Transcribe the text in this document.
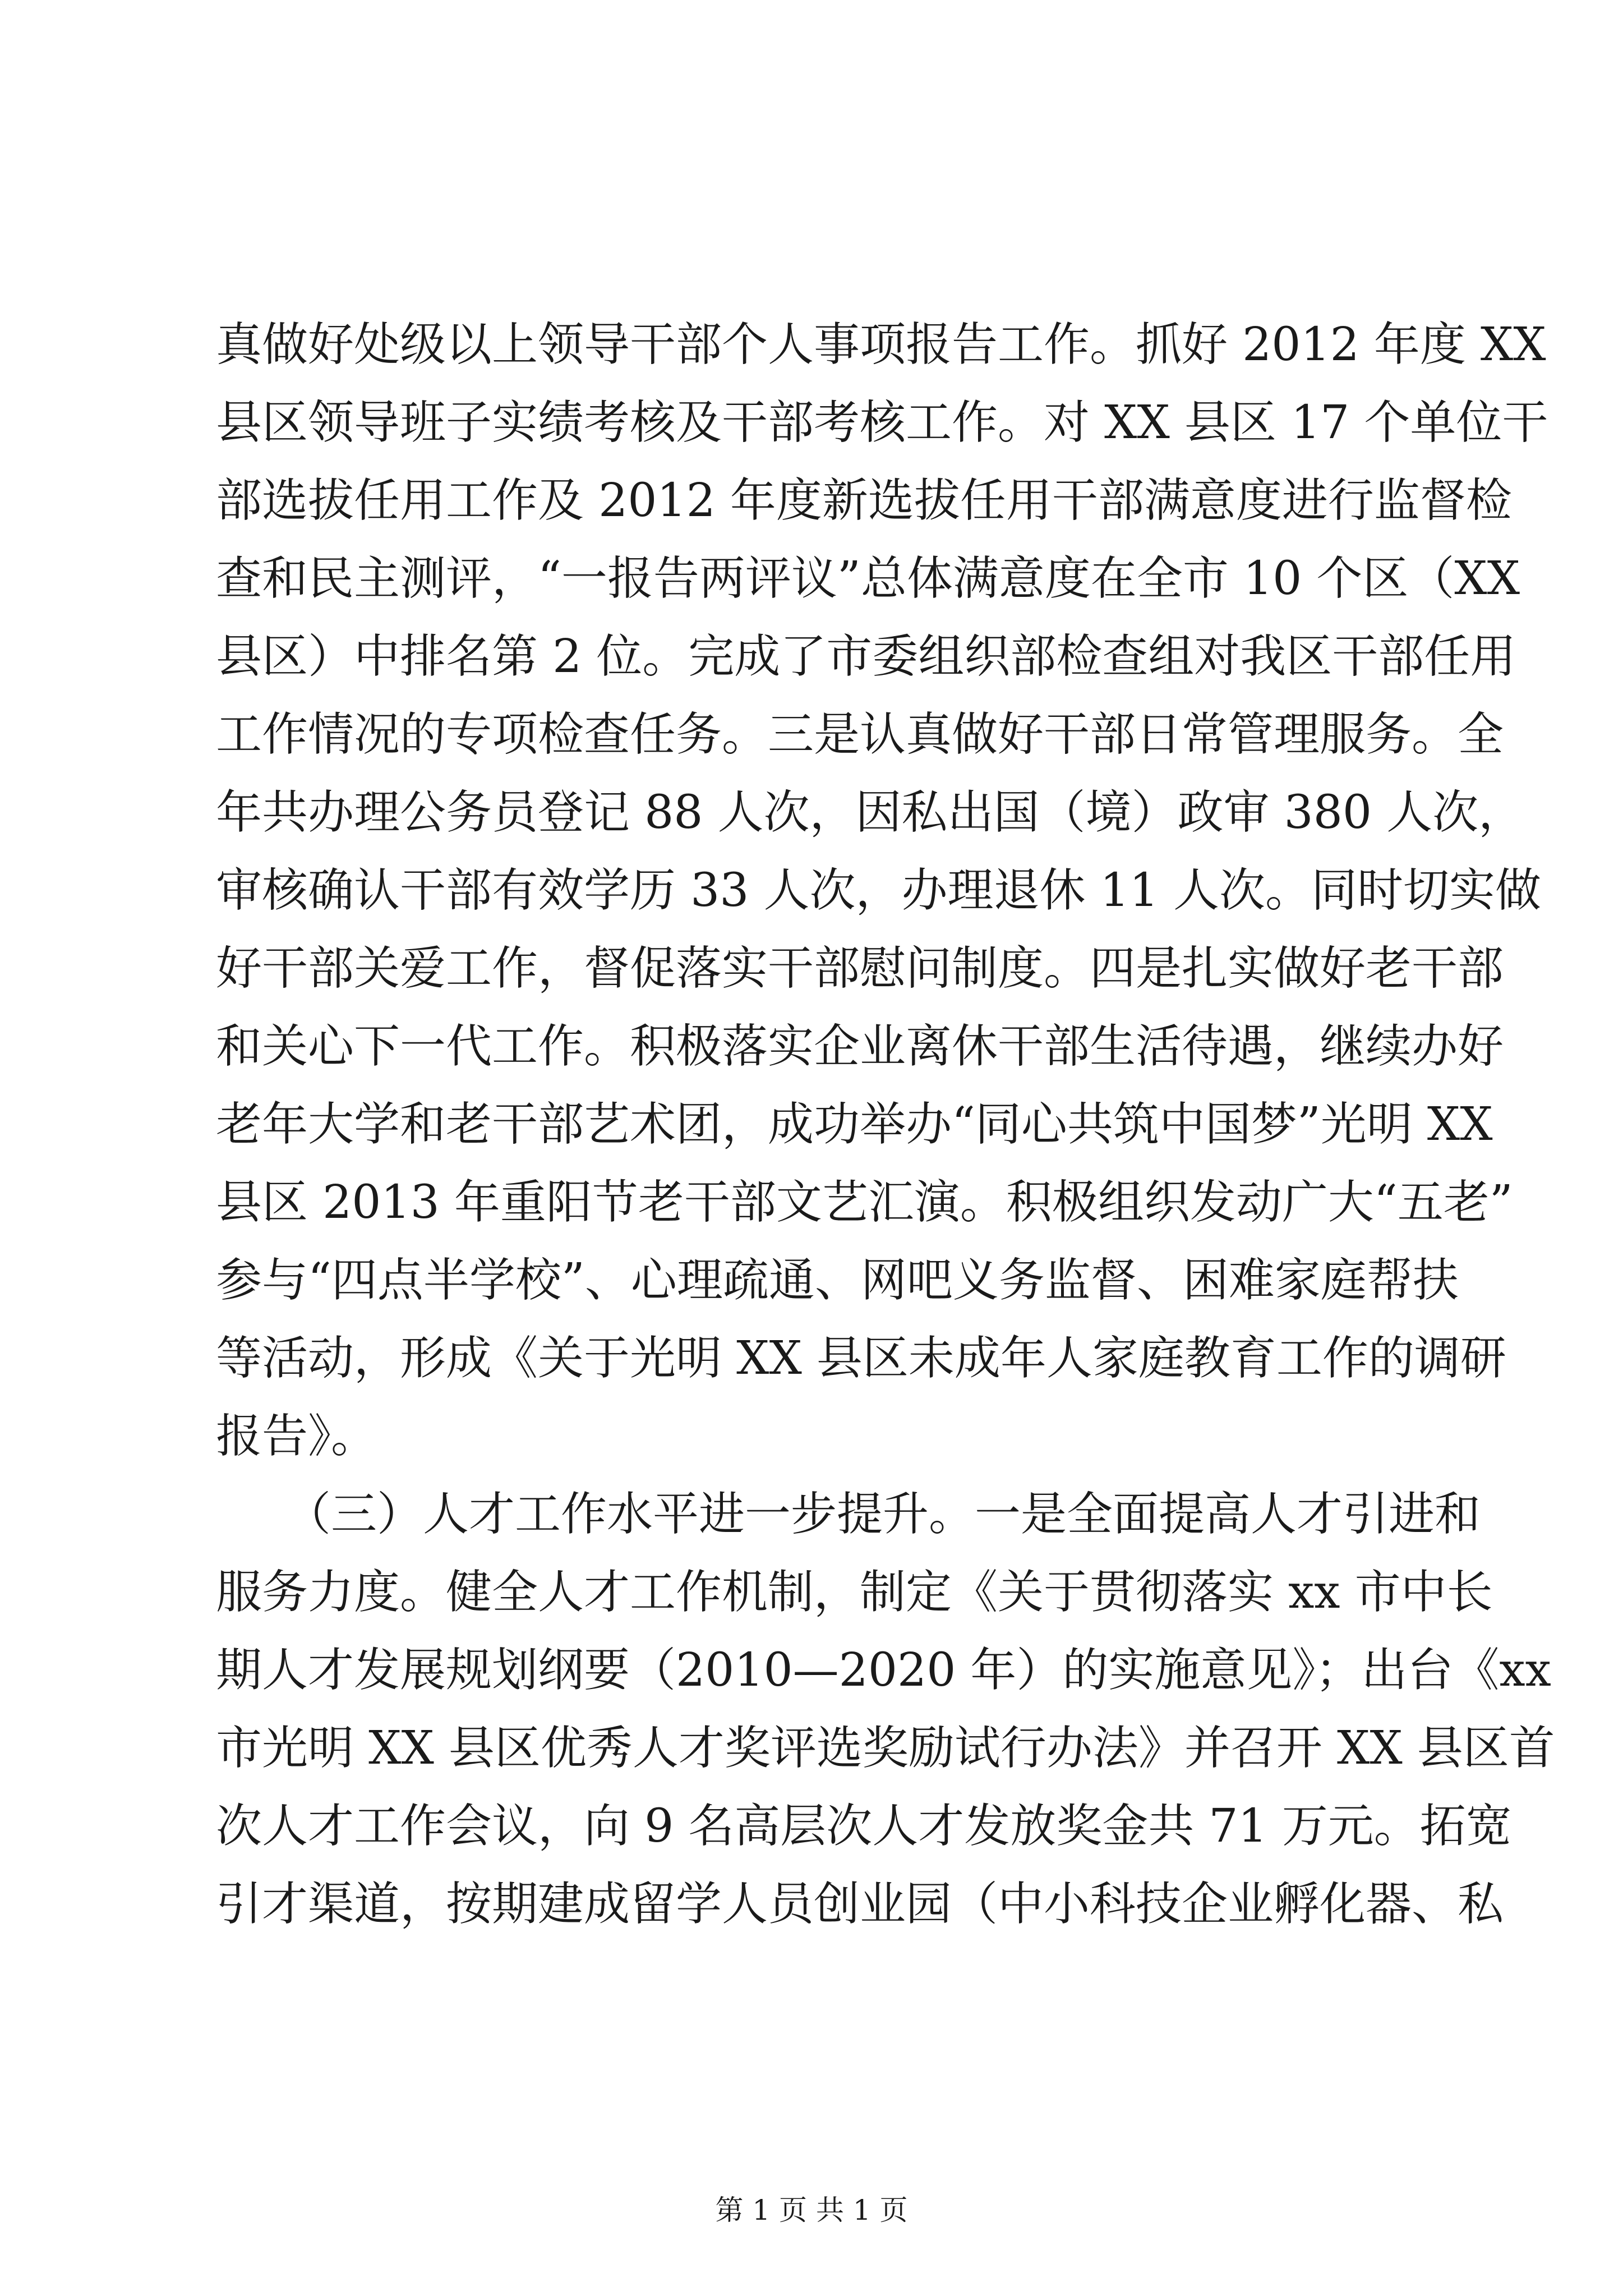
真做好处级以上领导干部个人事项报告工作。抓好 2012 年度 XX
县区领导班子实绩考核及干部考核工作。对 XX 县区 17 个单位干
部选拔任用工作及 2012 年度新选拔任用干部满意度进行监督检
查和民主测评，“一报告两评议”总体满意度在全市 10 个区（XX
县区）中排名第 2 位。完成了市委组织部检查组对我区干部任用
工作情况的专项检查任务。三是认真做好干部日常管理服务。全
年共办理公务员登记 88 人次，因私出国（境）政审 380 人次，
审核确认干部有效学历 33 人次，办理退休 11 人次。同时切实做
好干部关爱工作，督促落实干部慰问制度。四是扎实做好老干部
和关心下一代工作。积极落实企业离休干部生活待遇，继续办好
老年大学和老干部艺术团，成功举办“同心共筑中国梦”光明 XX
县区 2013 年重阳节老干部文艺汇演。积极组织发动广大“五老”
参与“四点半学校”、心理疏通、网吧义务监督、困难家庭帮扶
等活动，形成《关于光明 XX 县区未成年人家庭教育工作的调研
报告》。
　　（三）人才工作水平进一步提升。一是全面提高人才引进和
服务力度。健全人才工作机制，制定《关于贯彻落实 xx 市中长
期人才发展规划纲要（2010—2020 年）的实施意见》；出台《xx
市光明 XX 县区优秀人才奖评选奖励试行办法》并召开 XX 县区首
次人才工作会议，向 9 名高层次人才发放奖金共 71 万元。拓宽
引才渠道，按期建成留学人员创业园（中小科技企业孵化器、私
第 1 页 共 1 页
